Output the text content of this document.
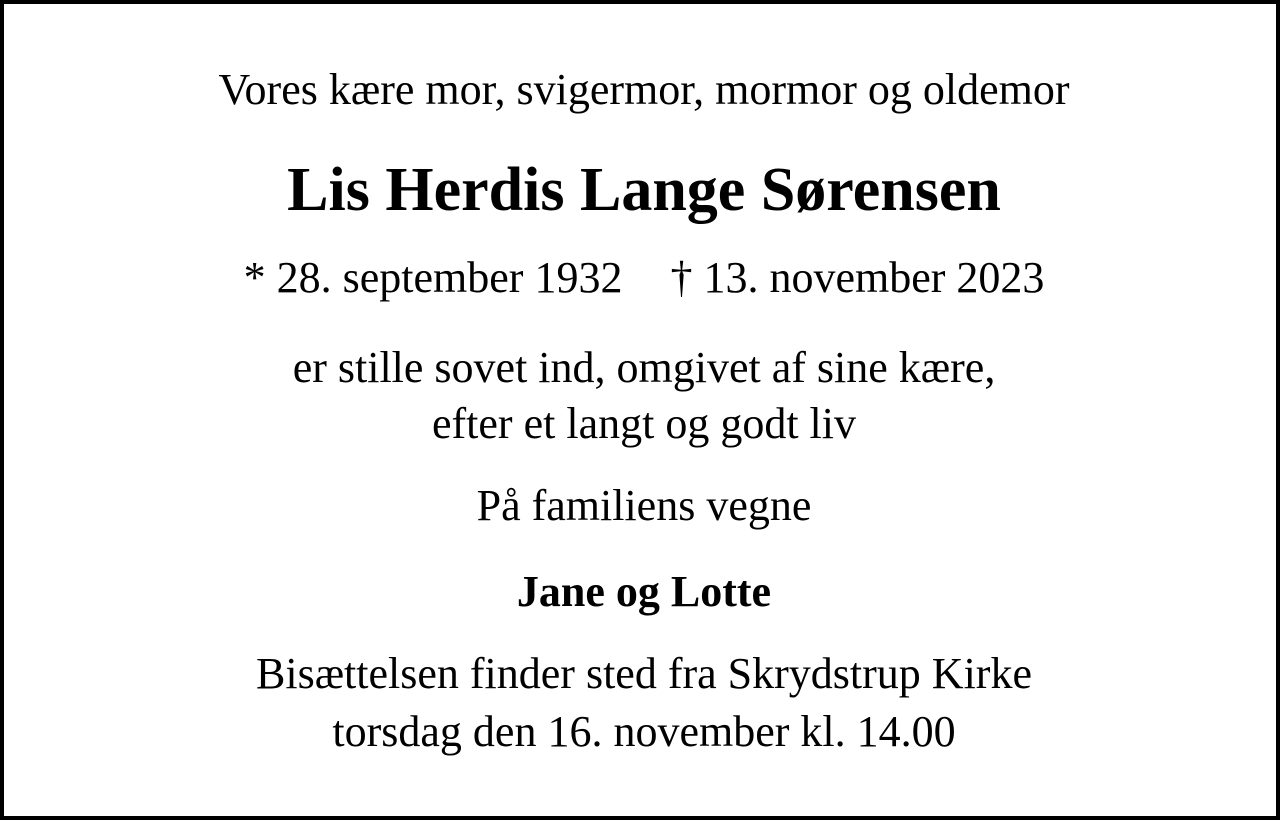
Vores kære mor, svigermor, mormor og oldemor
Lis Herdis Lange Sørensen
* 28. september 1932 † 13. november 2023
er stille sovet ind, omgivet af sine kære,
efter et langt og godt liv
På familiens vegne
Jane og Lotte
Bisættelsen finder sted fra Skrydstrup Kirke
torsdag den 16. november kl. 14.00
